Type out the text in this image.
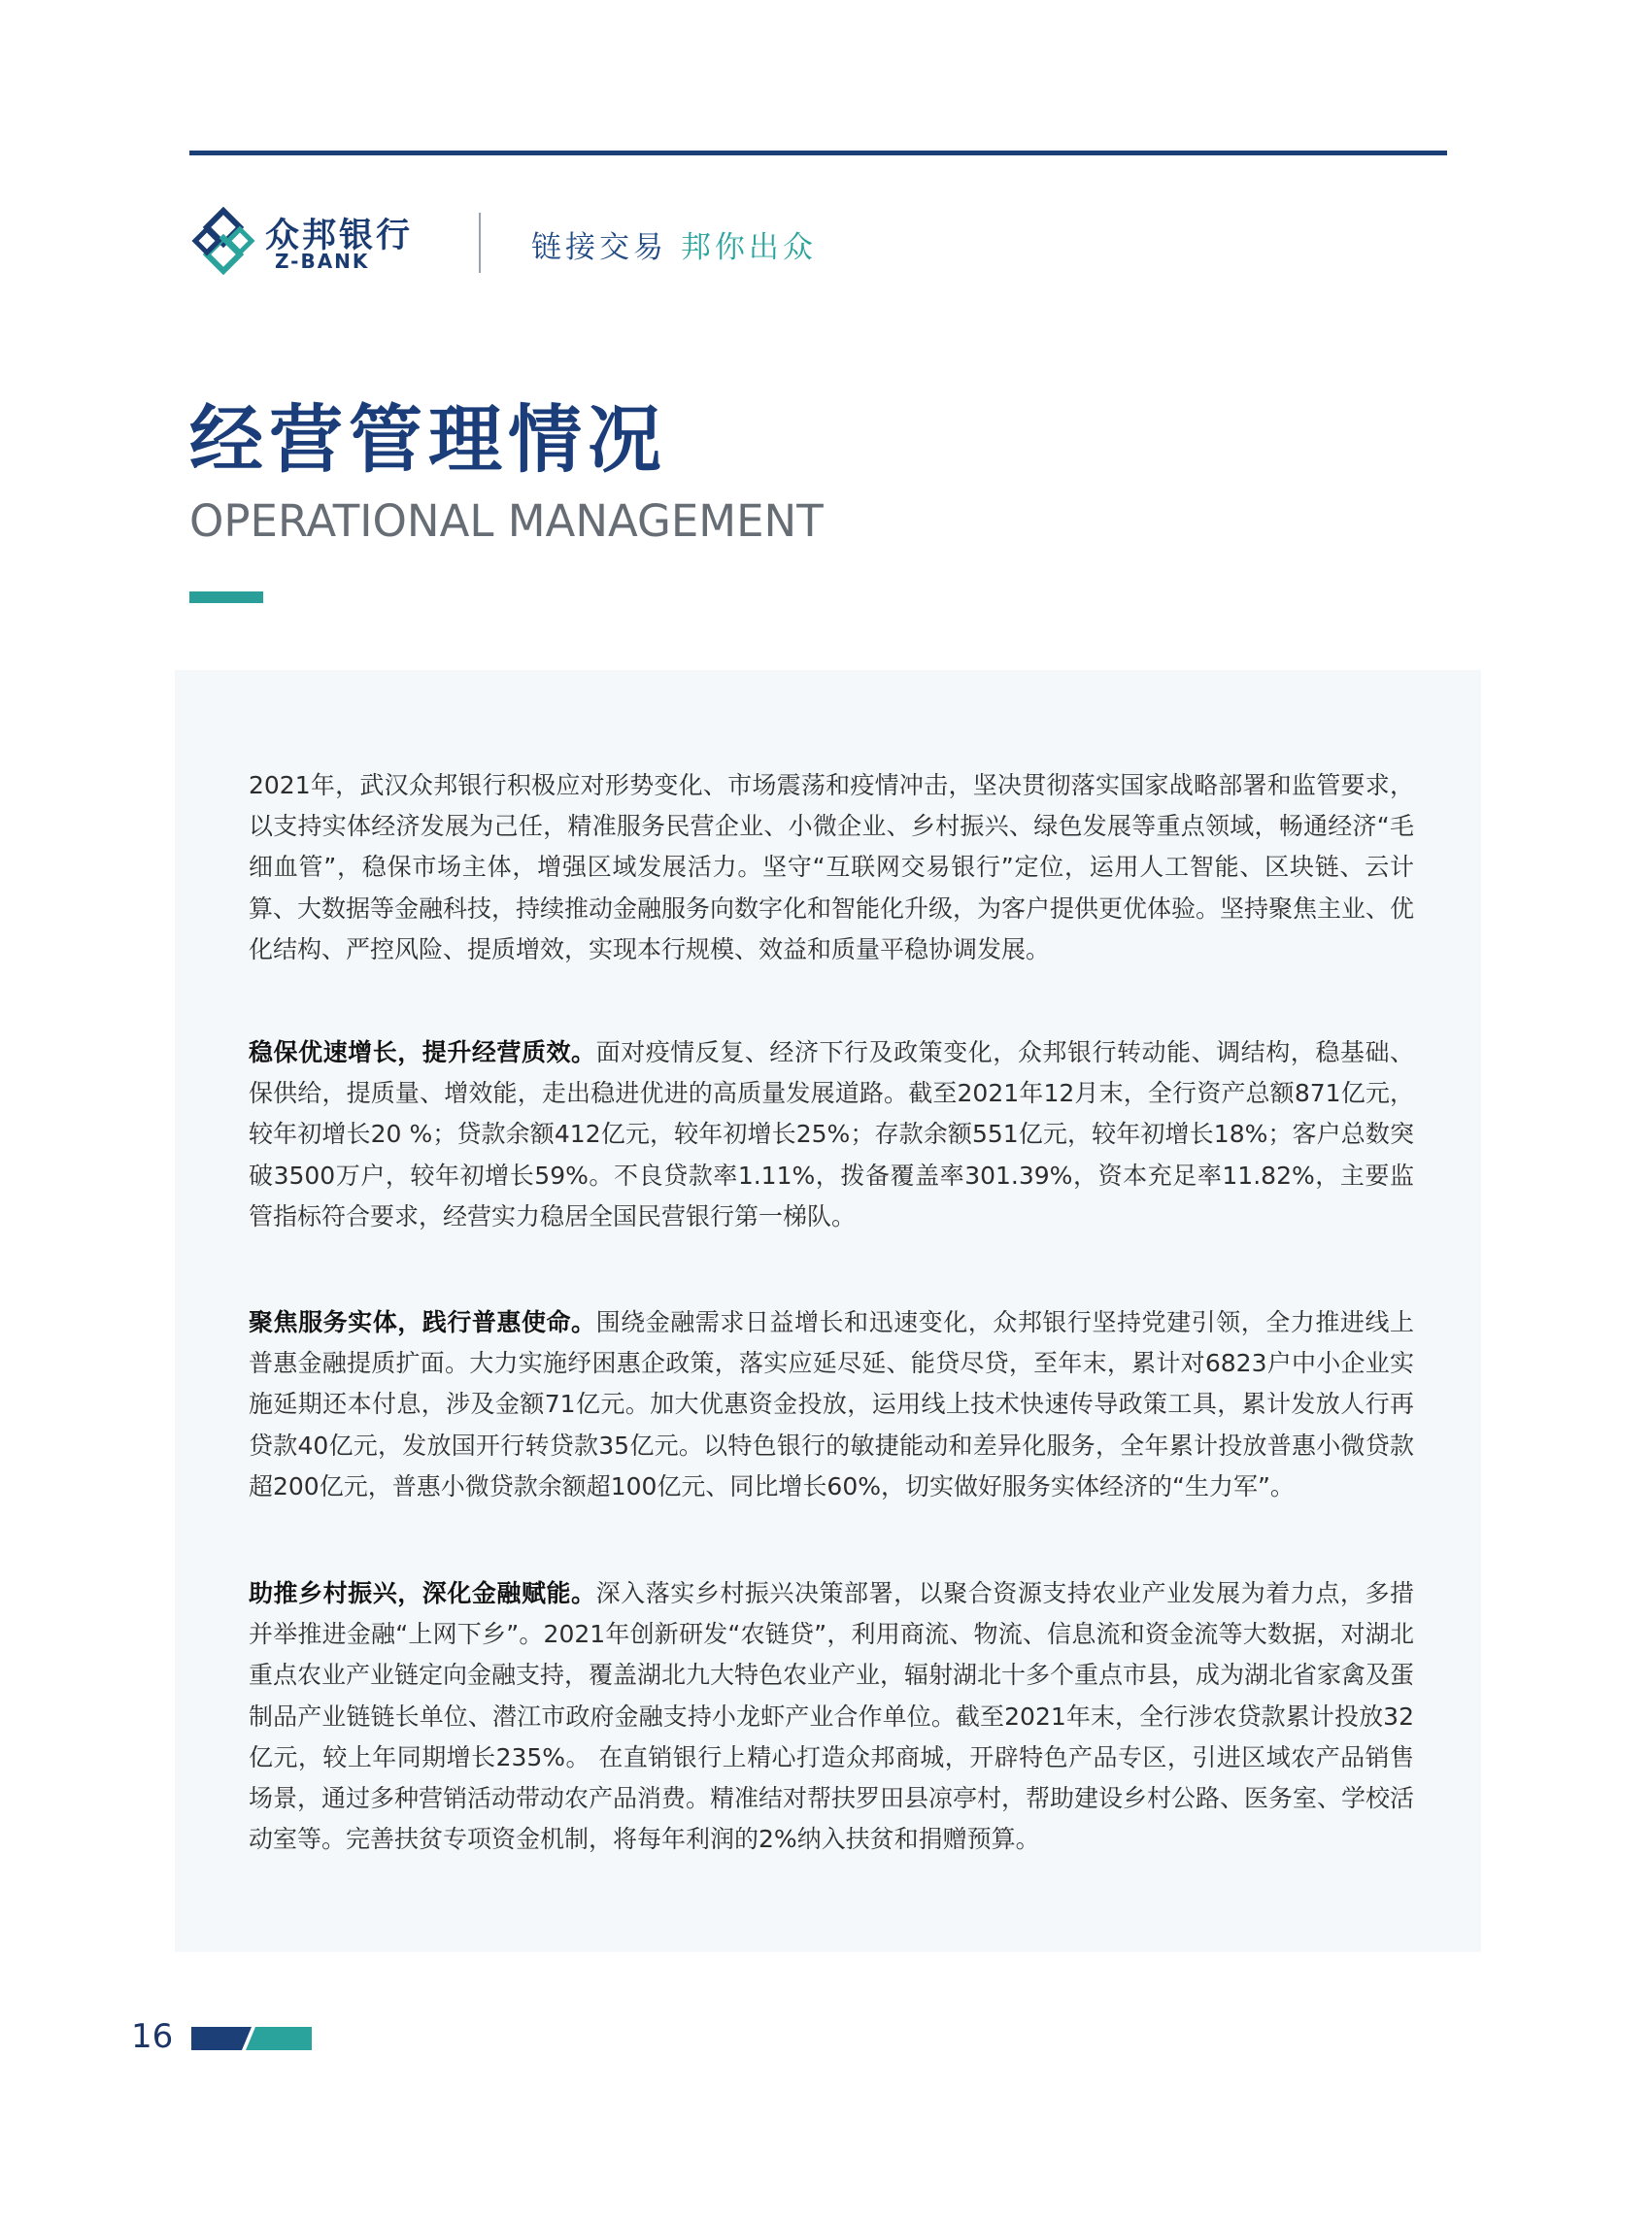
众邦银行
Z-BANK	链接交易 邦你出众
经营管理情况
OPERATIONAL MANAGEMENT
2021年，武汉众邦银行积极应对形势变化、市场震荡和疫情冲击，坚决贯彻落实国家战略部署和监管要求，以支持实体经济发展为己任，精准服务民营企业、小微企业、乡村振兴、绿色发展等重点领域，畅通经济“毛细血管”，稳保市场主体，增强区域发展活力。坚守“互联网交易银行”定位，运用人工智能、区块链、云计算、大数据等金融科技，持续推动金融服务向数字化和智能化升级，为客户提供更优体验。坚持聚焦主业、优化结构、严控风险、提质增效，实现本行规模、效益和质量平稳协调发展。
稳保优速增长，提升经营质效。面对疫情反复、经济下行及政策变化，众邦银行转动能、调结构，稳基础、保供给，提质量、增效能，走出稳进优进的高质量发展道路。截至2021年12月末，全行资产总额871亿元，较年初增长20 %；贷款余额412亿元，较年初增长25%；存款余额551亿元，较年初增长18%；客户总数突破3500万户，较年初增长59%。不良贷款率1.11%，拨备覆盖率301.39%，资本充足率11.82%，主要监管指标符合要求，经营实力稳居全国民营银行第一梯队。
聚焦服务实体，践行普惠使命。围绕金融需求日益增长和迅速变化，众邦银行坚持党建引领，全力推进线上普惠金融提质扩面。大力实施纾困惠企政策，落实应延尽延、能贷尽贷，至年末，累计对6823户中小企业实施延期还本付息，涉及金额71亿元。加大优惠资金投放，运用线上技术快速传导政策工具，累计发放人行再贷款40亿元，发放国开行转贷款35亿元。以特色银行的敏捷能动和差异化服务，全年累计投放普惠小微贷款超200亿元，普惠小微贷款余额超100亿元、同比增长60%，切实做好服务实体经济的“生力军”。
助推乡村振兴，深化金融赋能。深入落实乡村振兴决策部署，以聚合资源支持农业产业发展为着力点，多措并举推进金融“上网下乡”。2021年创新研发“农链贷”，利用商流、物流、信息流和资金流等大数据，对湖北重点农业产业链定向金融支持，覆盖湖北九大特色农业产业，辐射湖北十多个重点市县，成为湖北省家禽及蛋制品产业链链长单位、潜江市政府金融支持小龙虾产业合作单位。截至2021年末，全行涉农贷款累计投放32亿元，较上年同期增长235%。 在直销银行上精心打造众邦商城，开辟特色产品专区，引进区域农产品销售场景，通过多种营销活动带动农产品消费。精准结对帮扶罗田县凉亭村，帮助建设乡村公路、医务室、学校活动室等。完善扶贫专项资金机制，将每年利润的2%纳入扶贫和捐赠预算。
16
